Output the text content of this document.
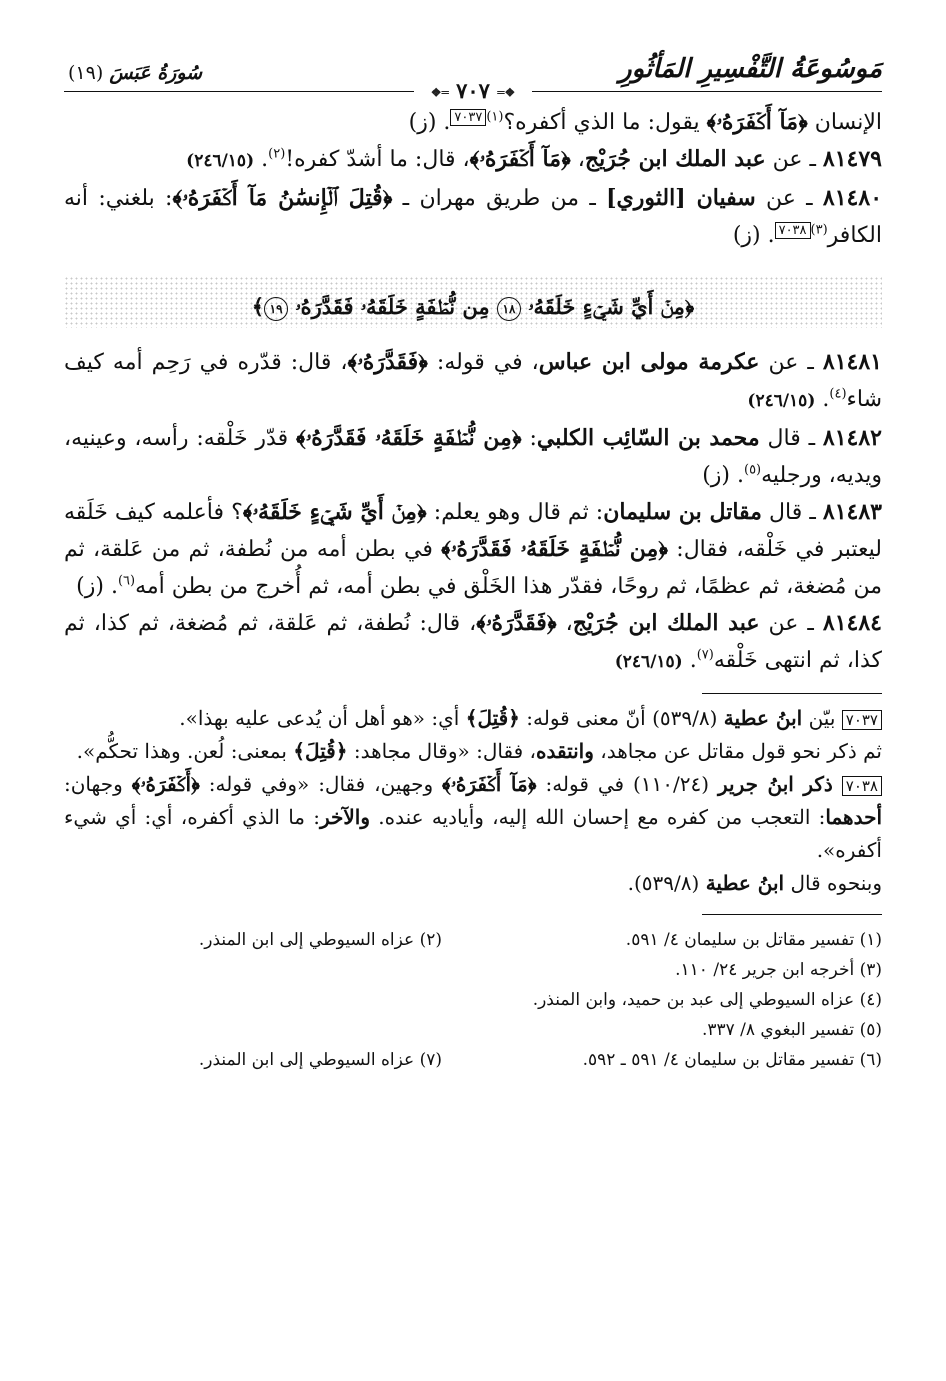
مَوسُوعَةُ التَّفْسِيرِ المَأثُورِ
سُورَةُ عَبَسَ (١٩)
❖═ ٧٠٧ ═❖

الإنسان ﴿مَآ أَكۡفَرَهُۥ﴾ يقول: ما الذي أكفره؟$^{(١)}$٧٠٣٧. (ز)

٨١٤٧٩ ـ عن عبد الملك ابن جُرَيْج، ﴿مَآ أَكۡفَرَهُۥ﴾، قال: ما أشدّ كفره!$^{(٢)}$. (٢٤٦/١٥)

٨١٤٨٠ ـ عن سفيان [الثوري] ـ من طريق مهران ـ ﴿قُتِلَ ٱلۡإِنسَٰنُ مَآ أَكۡفَرَهُۥ﴾: بلغني: أنه الكافر$^{(٣)}$٧٠٣٨. (ز)

﴿مِنۡ أَيِّ شَيۡءٍ خَلَقَهُۥ ١٨ مِن نُّطۡفَةٍ خَلَقَهُۥ فَقَدَّرَهُۥ ١٩﴾

٨١٤٨١ ـ عن عكرمة مولى ابن عباس، في قوله: ﴿فَقَدَّرَهُۥ﴾، قال: قدّره في رَحِم أمه كيف شاء$^{(٤)}$. (٢٤٦/١٥)

٨١٤٨٢ ـ قال محمد بن السّائِب الكلبي: ﴿مِن نُّطۡفَةٍ خَلَقَهُۥ فَقَدَّرَهُۥ﴾ قدّر خَلْقه: رأسه، وعينيه، ويديه، ورجليه$^{(٥)}$. (ز)

٨١٤٨٣ ـ قال مقاتل بن سليمان: ثم قال وهو يعلم: ﴿مِنۡ أَيِّ شَيۡءٍ خَلَقَهُۥ﴾؟ فأعلمه كيف خَلَقه ليعتبر في خَلْقه، فقال: ﴿مِن نُّطۡفَةٍ خَلَقَهُۥ فَقَدَّرَهُۥ﴾ في بطن أمه من نُطفة، ثم من عَلقة، ثم من مُضغة، ثم عظمًا، ثم روحًا، فقدّر هذا الخَلْق في بطن أمه، ثم أُخرج من بطن أمه$^{(٦)}$. (ز)

٨١٤٨٤ ـ عن عبد الملك ابن جُرَيْج، ﴿فَقَدَّرَهُۥ﴾، قال: نُطفة، ثم عَلقة، ثم مُضغة، ثم كذا، ثم كذا، ثم انتهى خَلْقه$^{(٧)}$. (٢٤٦/١٥)

٧٠٣٧ بيّن ابنُ عطية (٥٣٩/٨) أنّ معنى قوله: ﴿قُتِلَ﴾ أي: «هو أهل أن يُدعى عليه بهذا».
ثم ذكر نحو قول مقاتل عن مجاهد، وانتقده، فقال: «وقال مجاهد: ﴿قُتِلَ﴾ بمعنى: لُعن. وهذا تحكُّم».

٧٠٣٨ ذكر ابنُ جرير (١١٠/٢٤) في قوله: ﴿مَآ أَكۡفَرَهُۥ﴾ وجهين، فقال: «وفي قوله: ﴿أَكۡفَرَهُۥ﴾ وجهان: أحدهما: التعجب من كفره مع إحسان الله إليه، وأياديه عنده. والآخر: ما الذي أكفره، أي: أي شيء أكفره».
وبنحوه قال ابنُ عطية (٥٣٩/٨).

(١) تفسير مقاتل بن سليمان ٤/ ٥٩١.
(٢) عزاه السيوطي إلى ابن المنذر.
(٣) أخرجه ابن جرير ٢٤/ ١١٠.
(٤) عزاه السيوطي إلى عبد بن حميد، وابن المنذر.
(٥) تفسير البغوي ٨/ ٣٣٧.
(٦) تفسير مقاتل بن سليمان ٤/ ٥٩١ ـ ٥٩٢.
(٧) عزاه السيوطي إلى ابن المنذر.
